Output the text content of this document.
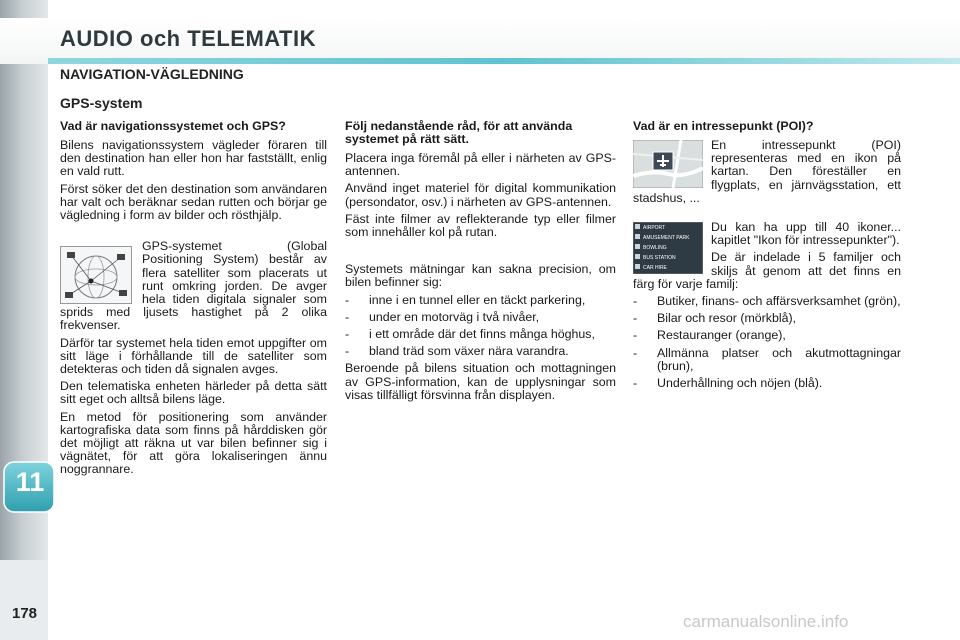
AUDIO och TELEMATIK
NAVIGATION-VÄGLEDNING
GPS-system
Vad är navigationssystemet och GPS?

Bilens navigationssystem vägleder föraren till den destination han eller hon har fastställt, enlig en vald rutt.

Först söker det den destination som användaren har valt och beräknar sedan rutten och börjar ge vägledning i form av bilder och rösthjälp.

GPS-systemet (Global Positioning System) består av flera satelliter som placerats ut runt omkring jorden. De avger hela tiden digitala signaler som sprids med ljusets hastighet på 2 olika frekvenser.

Därför tar systemet hela tiden emot uppgifter om sitt läge i förhållande till de satelliter som detekteras och tiden då signalen avges.

Den telematiska enheten härleder på detta sätt sitt eget och alltså bilens läge.

En metod för positionering som använder kartografiska data som finns på hårddisken gör det möjligt att räkna ut var bilen befinner sig i vägnätet, för att göra lokaliseringen ännu noggrannare.

Följ nedanstående råd, för att använda systemet på rätt sätt.

Placera inga föremål på eller i närheten av GPS-antennen.

Använd inget materiel för digital kommunikation (persondator, osv.) i närheten av GPS-antennen.

Fäst inte filmer av reflekterande typ eller filmer som innehåller kol på rutan.

Systemets mätningar kan sakna precision, om bilen befinner sig:

- inne i en tunnel eller en täckt parkering,

- under en motorväg i två nivåer,

- i ett område där det finns många höghus,

- bland träd som växer nära varandra.

Beroende på bilens situation och mottagningen av GPS-information, kan de upplysningar som visas tillfälligt försvinna från displayen.

Vad är en intressepunkt (POI)?

En intressepunkt (POI) representeras med en ikon på kartan. Den föreställer en flygplats, en järnvägsstation, ett stadshus, ...

AIRPORT
AMUSEMENT PARK
BOWLING
BUS STATION
CAR HIRE

Du kan ha upp till 40 ikoner... kapitlet "Ikon för intressepunkter").

De är indelade i 5 familjer och skiljs åt genom att det finns en färg för varje familj:

- Butiker, finans- och affärsverksamhet (grön),

- Bilar och resor (mörkblå),

- Restauranger (orange),

- Allmänna platser och akutmottagningar (brun),

- Underhållning och nöjen (blå).

11
178	carmanualsonline.info
